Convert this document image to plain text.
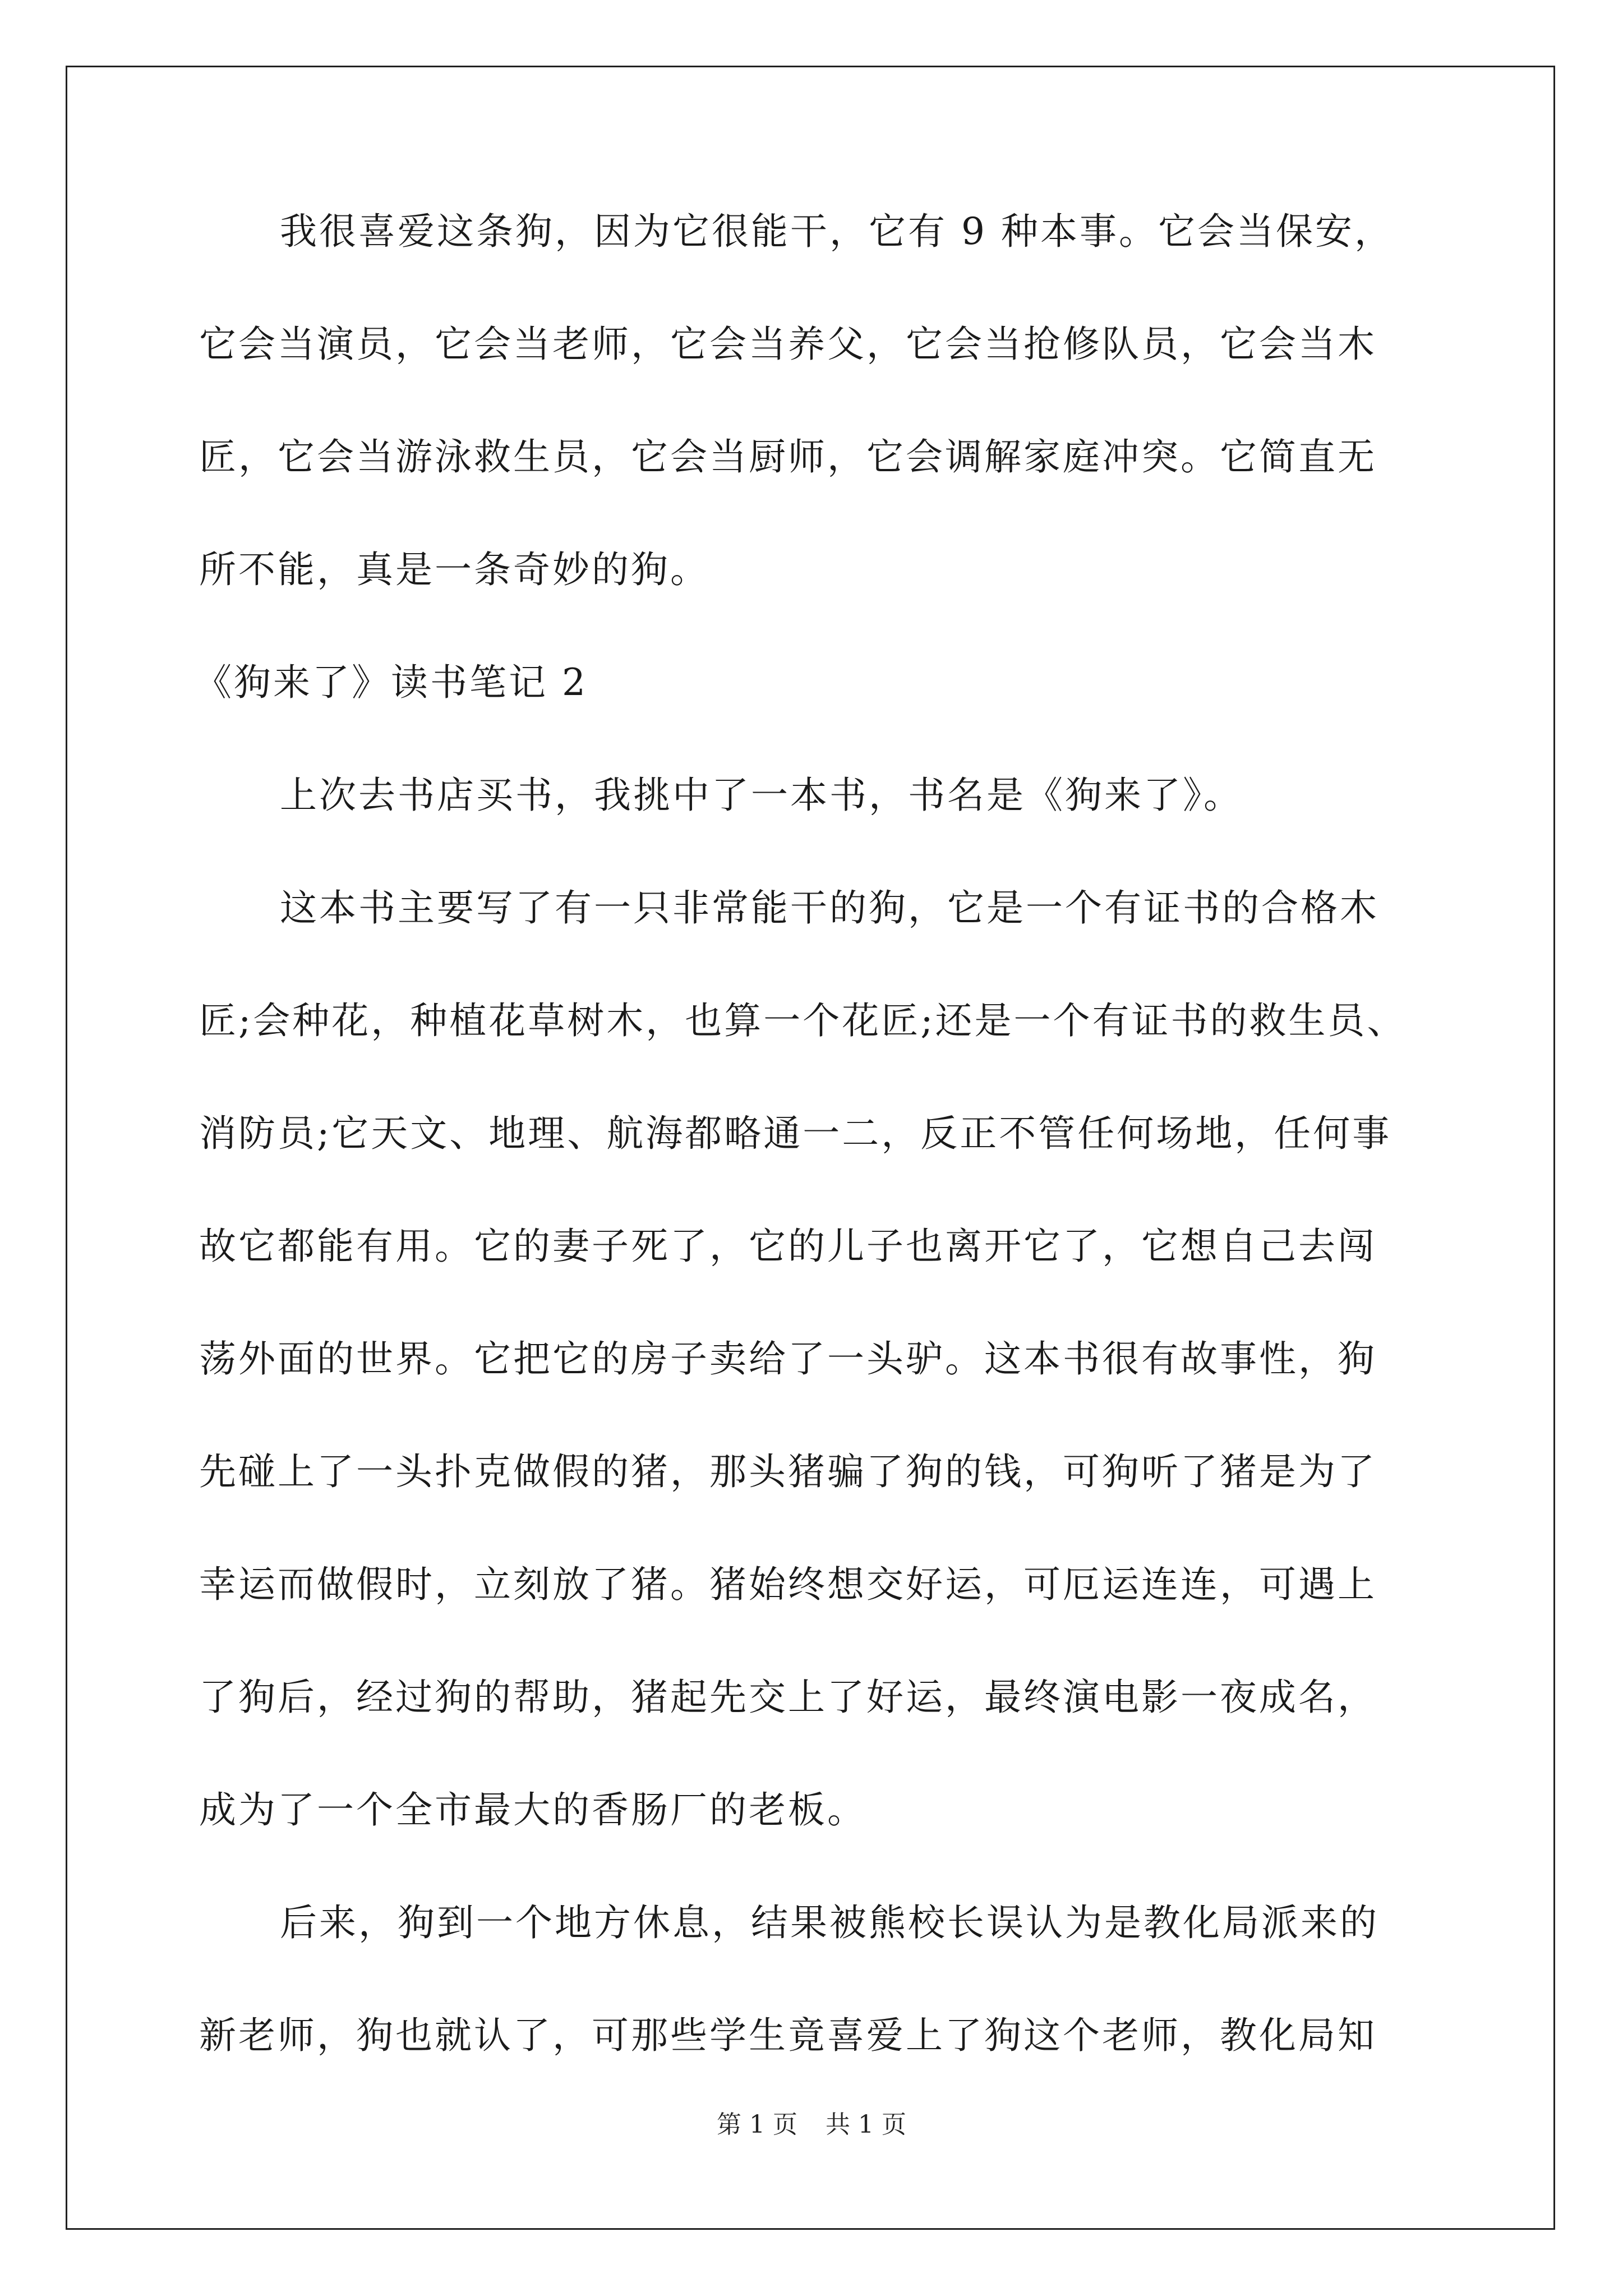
我很喜爱这条狗，因为它很能干，它有 9 种本事。它会当保安，
它会当演员，它会当老师，它会当养父，它会当抢修队员，它会当木
匠，它会当游泳救生员，它会当厨师，它会调解家庭冲突。它简直无
所不能，真是一条奇妙的狗。
《狗来了》读书笔记 2
上次去书店买书，我挑中了一本书，书名是《狗来了》。
这本书主要写了有一只非常能干的狗，它是一个有证书的合格木
匠;会种花，种植花草树木，也算一个花匠;还是一个有证书的救生员、
消防员;它天文、地理、航海都略通一二，反正不管任何场地，任何事
故它都能有用。它的妻子死了，它的儿子也离开它了，它想自己去闯
荡外面的世界。它把它的房子卖给了一头驴。这本书很有故事性，狗
先碰上了一头扑克做假的猪，那头猪骗了狗的钱，可狗听了猪是为了
幸运而做假时，立刻放了猪。猪始终想交好运，可厄运连连，可遇上
了狗后，经过狗的帮助，猪起先交上了好运，最终演电影一夜成名，
成为了一个全市最大的香肠厂的老板。
后来，狗到一个地方休息，结果被熊校长误认为是教化局派来的
新老师，狗也就认了，可那些学生竟喜爱上了狗这个老师，教化局知
第 1 页 共 1 页
